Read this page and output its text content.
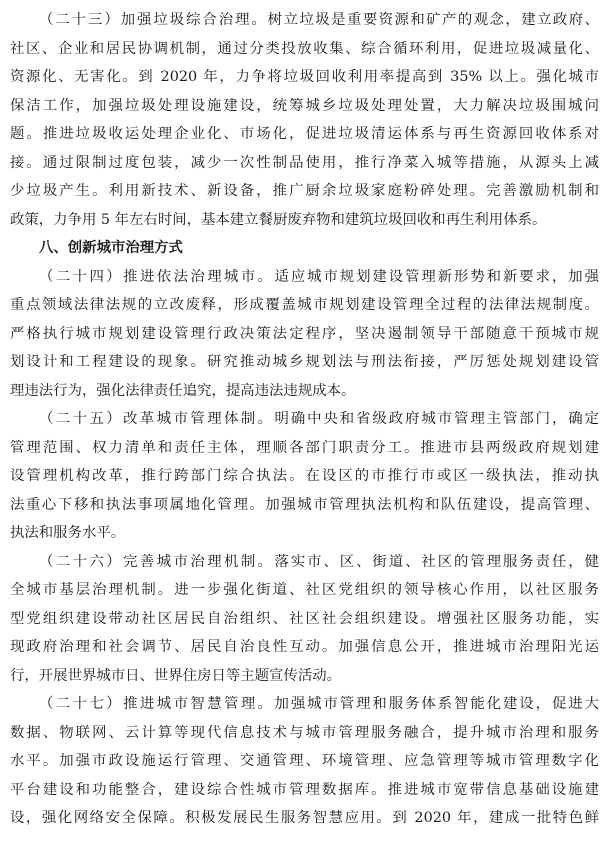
（二十三）加强垃圾综合治理。树立垃圾是重要资源和矿产的观念，建立政府、
社区、企业和居民协调机制，通过分类投放收集、综合循环利用，促进垃圾减量化、
资源化、无害化。到 2020 年，力争将垃圾回收利用率提高到 35% 以上。强化城市
保洁工作，加强垃圾处理设施建设，统筹城乡垃圾处理处置，大力解决垃圾围城问
题。推进垃圾收运处理企业化、市场化，促进垃圾清运体系与再生资源回收体系对
接。通过限制过度包装，减少一次性制品使用，推行净菜入城等措施，从源头上减
少垃圾产生。利用新技术、新设备，推广厨余垃圾家庭粉碎处理。完善激励机制和
政策，力争用 5 年左右时间，基本建立餐厨废弃物和建筑垃圾回收和再生利用体系。
八、创新城市治理方式
（二十四）推进依法治理城市。适应城市规划建设管理新形势和新要求，加强
重点领域法律法规的立改废释，形成覆盖城市规划建设管理全过程的法律法规制度。
严格执行城市规划建设管理行政决策法定程序，坚决遏制领导干部随意干预城市规
划设计和工程建设的现象。研究推动城乡规划法与刑法衔接，严厉惩处规划建设管
理违法行为，强化法律责任追究，提高违法违规成本。
（二十五）改革城市管理体制。明确中央和省级政府城市管理主管部门，确定
管理范围、权力清单和责任主体，理顺各部门职责分工。推进市县两级政府规划建
设管理机构改革，推行跨部门综合执法。在设区的市推行市或区一级执法，推动执
法重心下移和执法事项属地化管理。加强城市管理执法机构和队伍建设，提高管理、
执法和服务水平。
（二十六）完善城市治理机制。落实市、区、街道、社区的管理服务责任，健
全城市基层治理机制。进一步强化街道、社区党组织的领导核心作用，以社区服务
型党组织建设带动社区居民自治组织、社区社会组织建设。增强社区服务功能，实
现政府治理和社会调节、居民自治良性互动。加强信息公开，推进城市治理阳光运
行，开展世界城市日、世界住房日等主题宣传活动。
（二十七）推进城市智慧管理。加强城市管理和服务体系智能化建设，促进大
数据、物联网、云计算等现代信息技术与城市管理服务融合，提升城市治理和服务
水平。加强市政设施运行管理、交通管理、环境管理、应急管理等城市管理数字化
平台建设和功能整合，建设综合性城市管理数据库。推进城市宽带信息基础设施建
设，强化网络安全保障。积极发展民生服务智慧应用。到 2020 年，建成一批特色鲜
